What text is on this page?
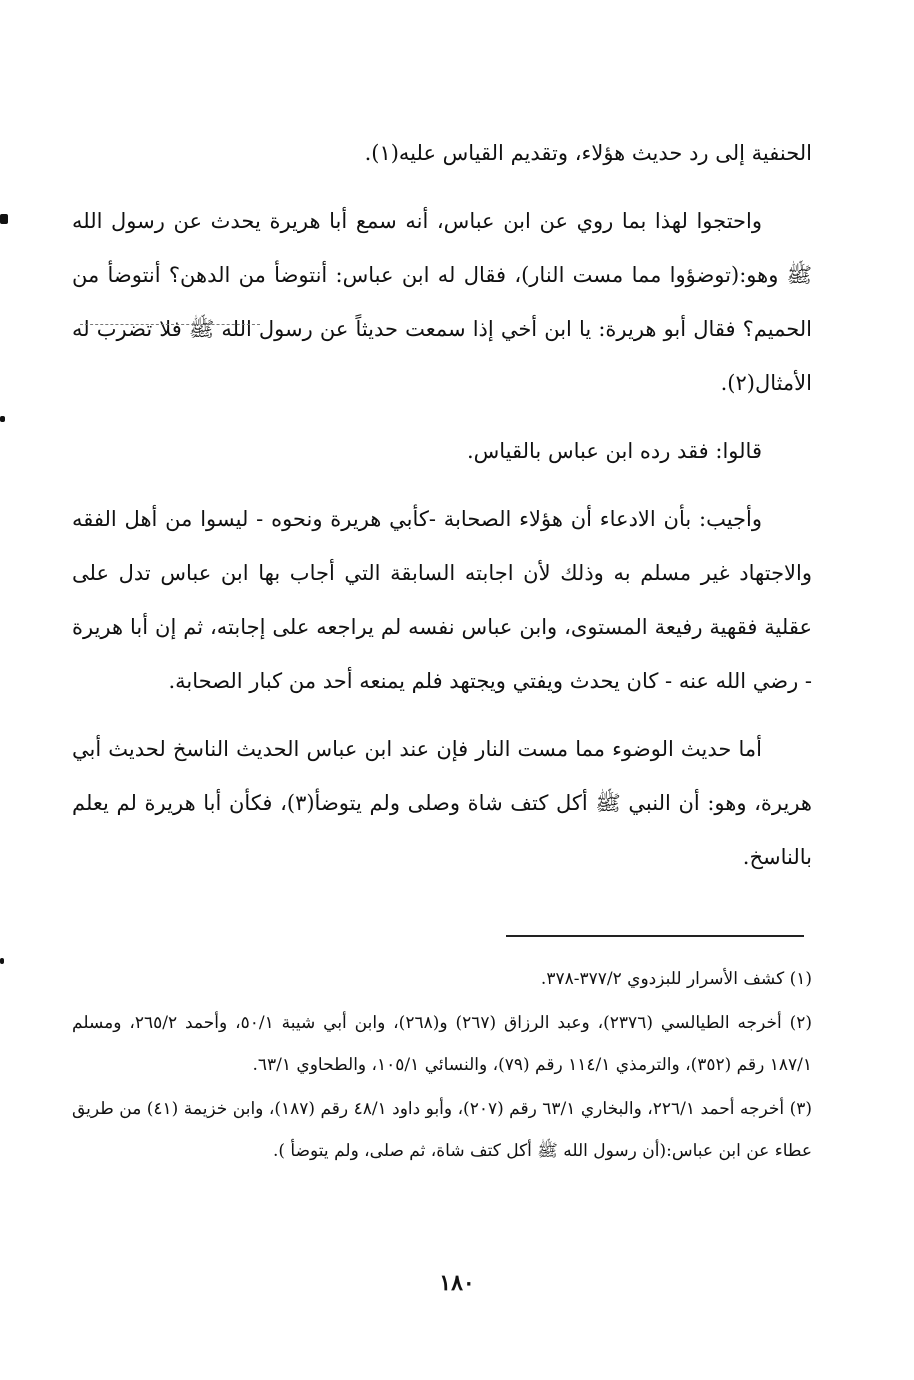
الحنفية إلى رد حديث هؤلاء، وتقديم القياس عليه(١).

واحتجوا لهذا بما روي عن ابن عباس، أنه سمع أبا هريرة يحدث عن رسول الله ﷺ وهو:(توضؤوا مما مست النار)، فقال له ابن عباس: أنتوضأ من الدهن؟ أنتوضأ من الحميم؟ فقال أبو هريرة: يا ابن أخي إذا سمعت حديثاً عن رسول الله ﷺ فلا تضرب له الأمثال(٢).

قالوا: فقد رده ابن عباس بالقياس.

وأجيب: بأن الادعاء أن هؤلاء الصحابة -كأبي هريرة ونحوه - ليسوا من أهل الفقه والاجتهاد غير مسلم به وذلك لأن اجابته السابقة التي أجاب بها ابن عباس تدل على عقلية فقهية رفيعة المستوى، وابن عباس نفسه لم يراجعه على إجابته، ثم إن أبا هريرة - رضي الله عنه - كان يحدث ويفتي ويجتهد فلم يمنعه أحد من كبار الصحابة.

أما حديث الوضوء مما مست النار فإن عند ابن عباس الحديث الناسخ لحديث أبي هريرة، وهو: أن النبي ﷺ أكل كتف شاة وصلى ولم يتوضأ(٣)، فكأن أبا هريرة لم يعلم بالناسخ.

(١) كشف الأسرار للبزدوي ٣٧٧/٢-٣٧٨.

(٢) أخرجه الطيالسي (٢٣٧٦)، وعبد الرزاق (٢٦٧) و(٢٦٨)، وابن أبي شيبة ٥٠/١، وأحمد ٢٦٥/٢، ومسلم ١٨٧/١ رقم (٣٥٢)، والترمذي ١١٤/١ رقم (٧٩)، والنسائي ١٠٥/١، والطحاوي ٦٣/١.

(٣) أخرجه أحمد ٢٢٦/١، والبخاري ٦٣/١ رقم (٢٠٧)، وأبو داود ٤٨/١ رقم (١٨٧)، وابن خزيمة (٤١) من طريق عطاء عن ابن عباس:(أن رسول الله ﷺ أكل كتف شاة، ثم صلى، ولم يتوضأ ).

١٨٠
